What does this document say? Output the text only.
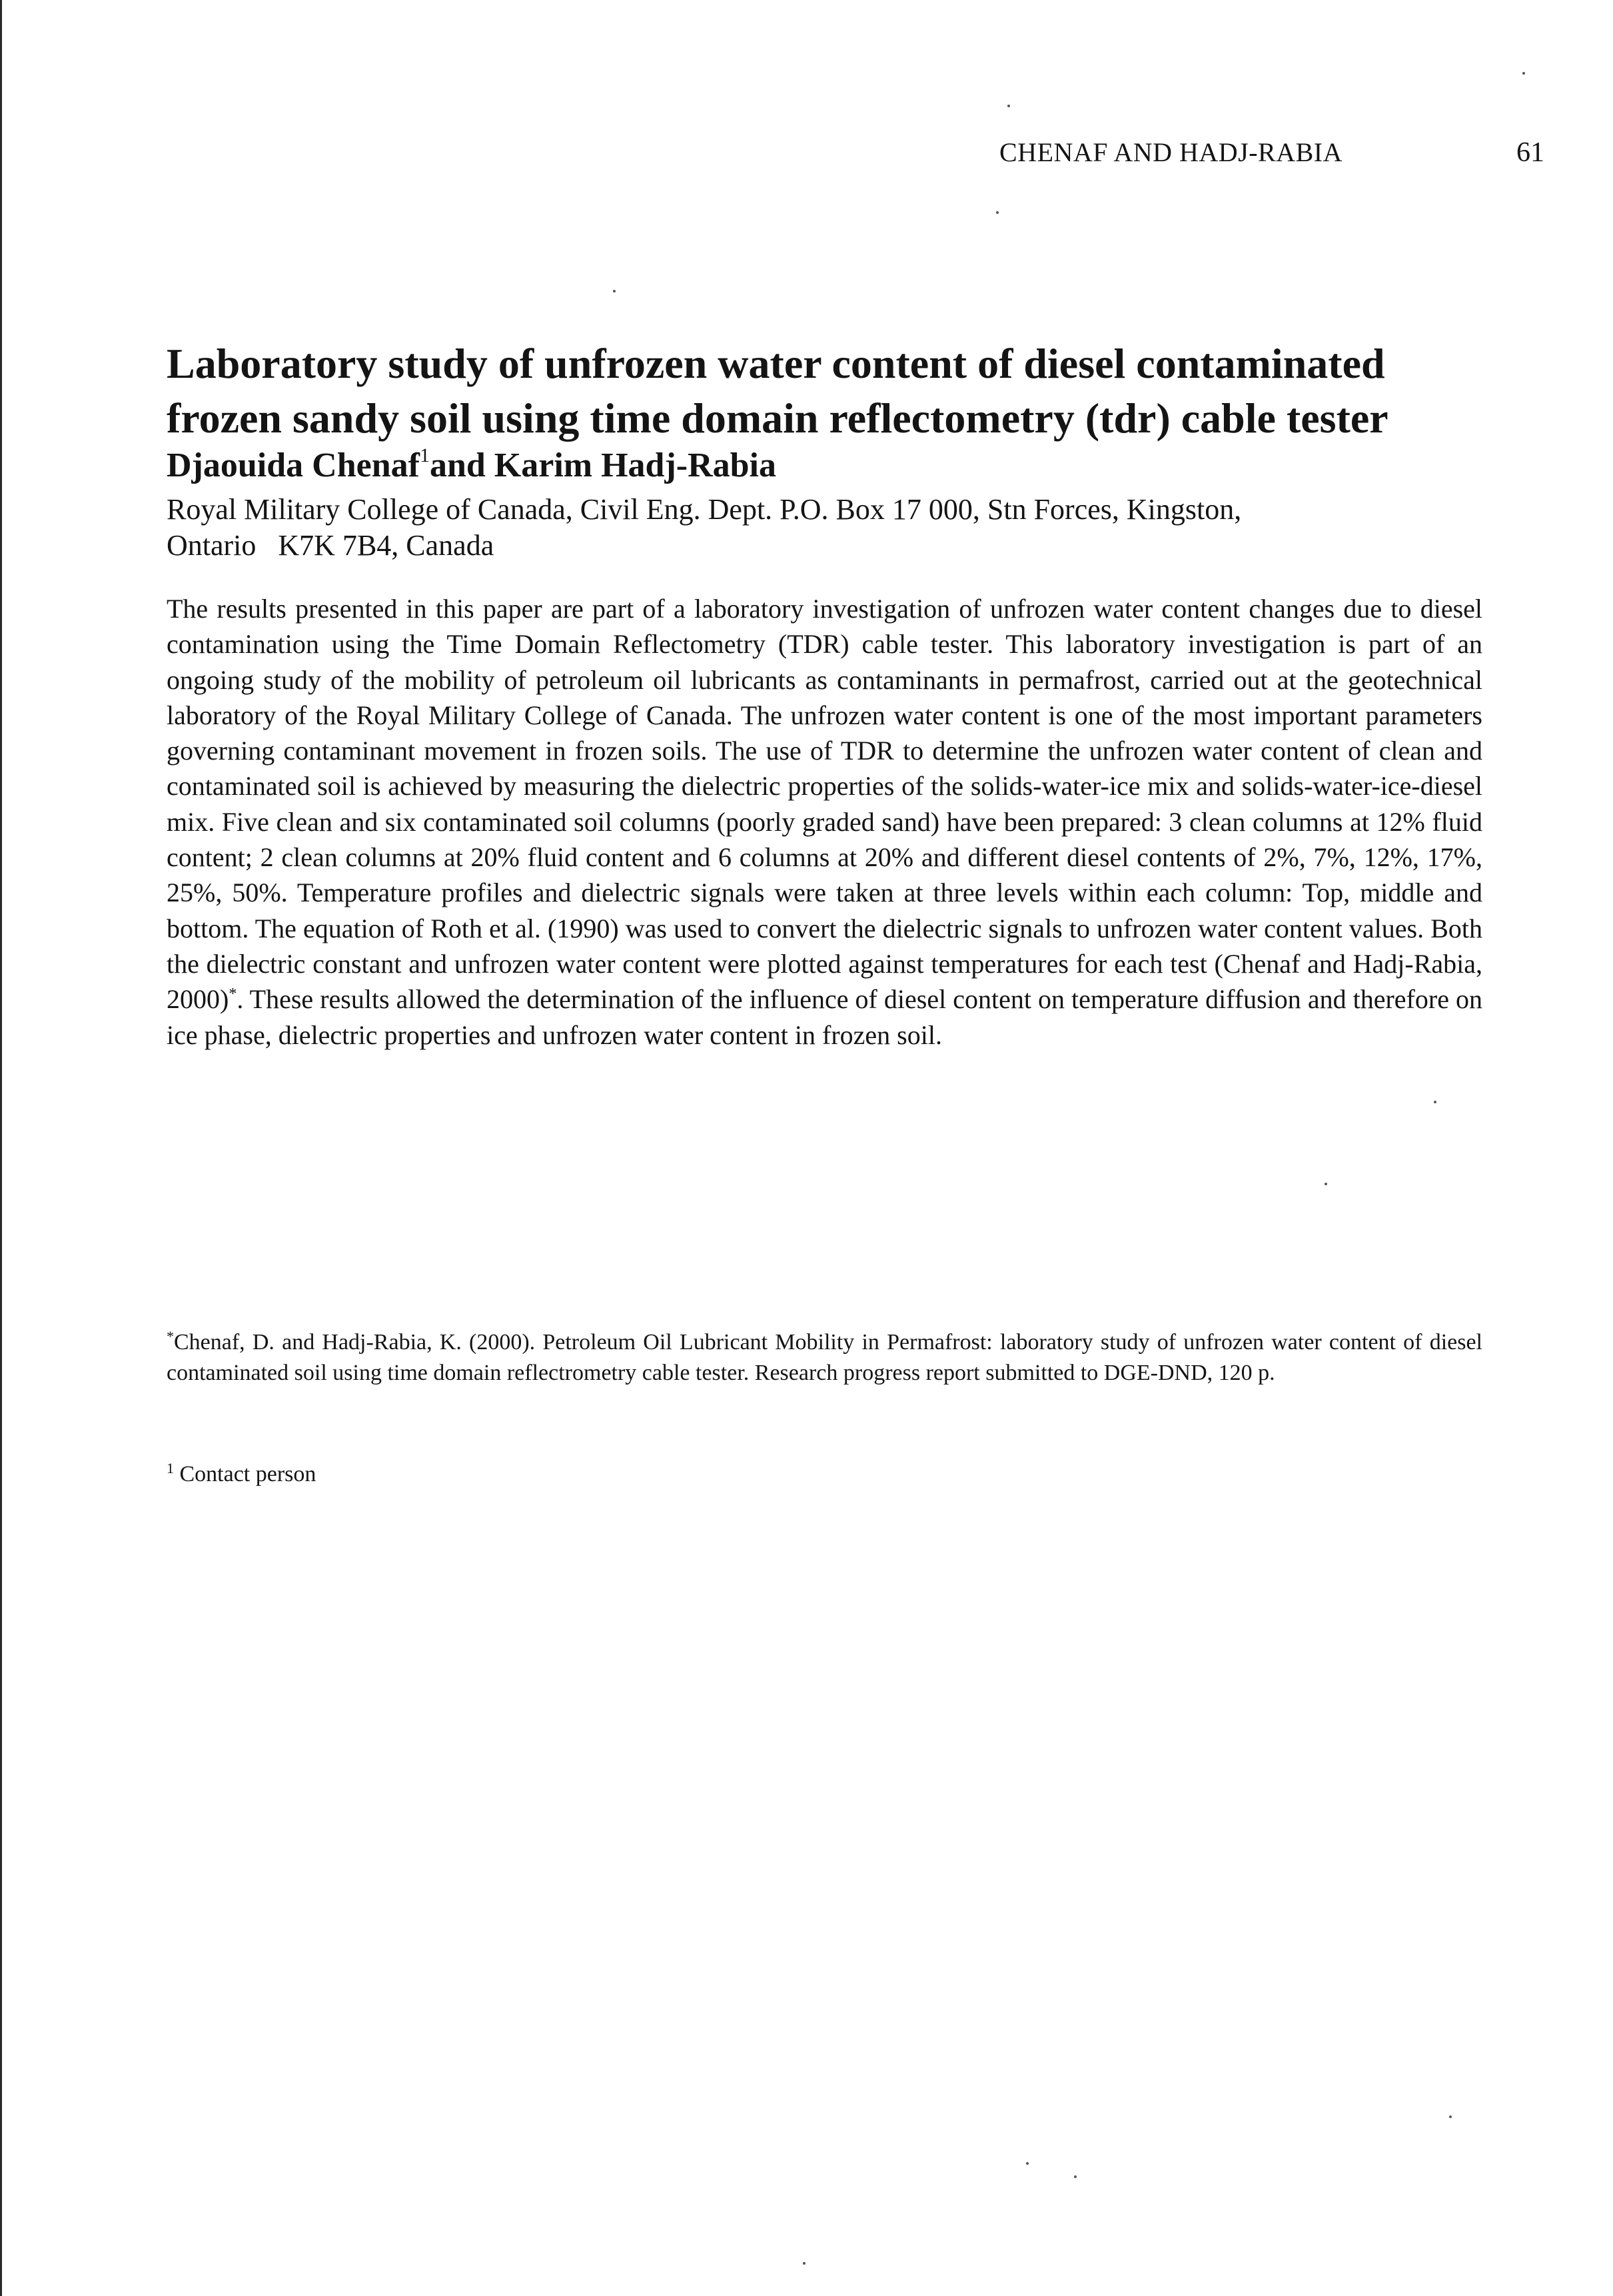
CHENAF AND HADJ-RABIA	61
Laboratory study of unfrozen water content of diesel contaminated
frozen sandy soil using time domain reflectometry (tdr) cable tester
Djaouida Chenaf$^1$and Karim Hadj-Rabia
Royal Military College of Canada, Civil Eng. Dept. P.O. Box 17 000, Stn Forces, Kingston,
Ontario   K7K 7B4, Canada

The results presented in this paper are part of a laboratory investigation of unfrozen water content changes due to diesel contamination using the Time Domain Reflectometry (TDR) cable tester. This laboratory investigation is part of an ongoing study of the mobility of petroleum oil lubricants as contaminants in permafrost, carried out at the geotechnical laboratory of the Royal Military College of Canada. The unfrozen water content is one of the most important parameters governing contaminant movement in frozen soils. The use of TDR to determine the unfrozen water content of clean and contaminated soil is achieved by measuring the dielectric properties of the solids-water-ice mix and solids-water-ice-diesel mix. Five clean and six contaminated soil columns (poorly graded sand) have been prepared: 3 clean columns at 12% fluid content; 2 clean columns at 20% fluid content and 6 columns at 20% and different diesel contents of 2%, 7%, 12%, 17%, 25%, 50%. Temperature profiles and dielectric signals were taken at three levels within each column: Top, middle and bottom. The equation of Roth et al. (1990) was used to convert the dielectric signals to unfrozen water content values. Both the dielectric constant and unfrozen water content were plotted against temperatures for each test (Chenaf and Hadj-Rabia, 2000)*. These results allowed the determination of the influence of diesel content on temperature diffusion and therefore on ice phase, dielectric properties and unfrozen water content in frozen soil.

*Chenaf, D. and Hadj-Rabia, K. (2000). Petroleum Oil Lubricant Mobility in Permafrost: laboratory study of unfrozen water content of diesel contaminated soil using time domain reflectrometry cable tester. Research progress report submitted to DGE-DND, 120 p.

$^1$ Contact person
